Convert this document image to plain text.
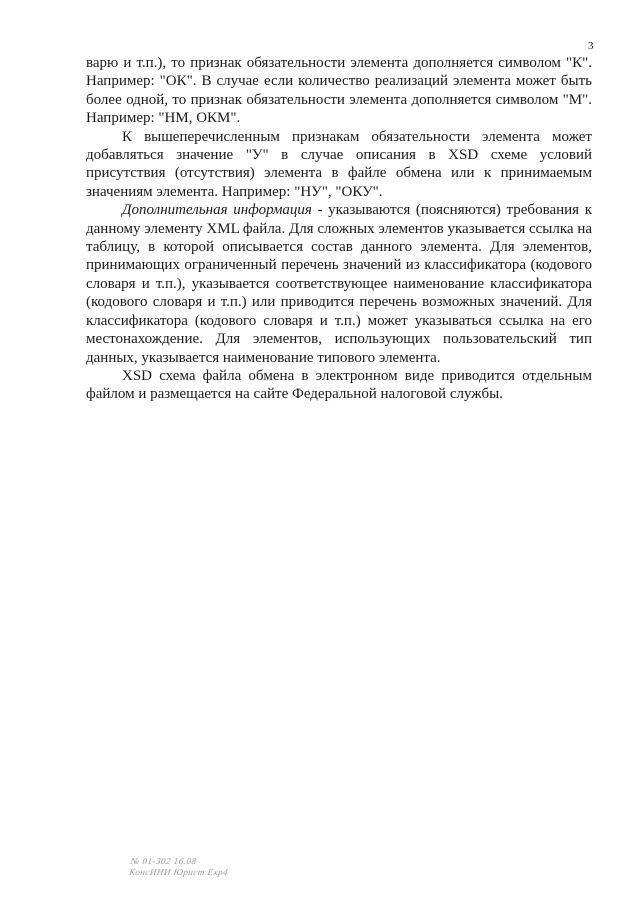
3

варю и т.п.), то признак обязательности элемента дополняется символом "К". Например: "ОК". В случае если количество реализаций элемента может быть более одной, то признак обязательности элемента дополняется символом "М". Например: "НМ, ОКМ".

К вышеперечисленным признакам обязательности элемента может добавляться значение "У" в случае описания в XSD схеме условий присутствия (отсутствия) элемента в файле обмена или к принимаемым значениям элемента. Например: "НУ", "ОКУ".

Дополнительная информация - указываются (поясняются) требования к данному элементу XML файла. Для сложных элементов указывается ссылка на таблицу, в которой описывается состав данного элемента. Для элементов, принимающих ограниченный перечень значений из классификатора (кодового словаря и т.п.), указывается соответствующее наименование классификатора (кодового словаря и т.п.) или приводится перечень возможных значений. Для классификатора (кодового словаря и т.п.) может указываться ссылка на его местонахождение. Для элементов, использующих пользовательский тип данных, указывается наименование типового элемента.

XSD схема файла обмена в электронном виде приводится отдельным файлом и размещается на сайте Федеральной налоговой службы.

№ 01-302 16.08
КонсИНИ Юрист Ехр4
